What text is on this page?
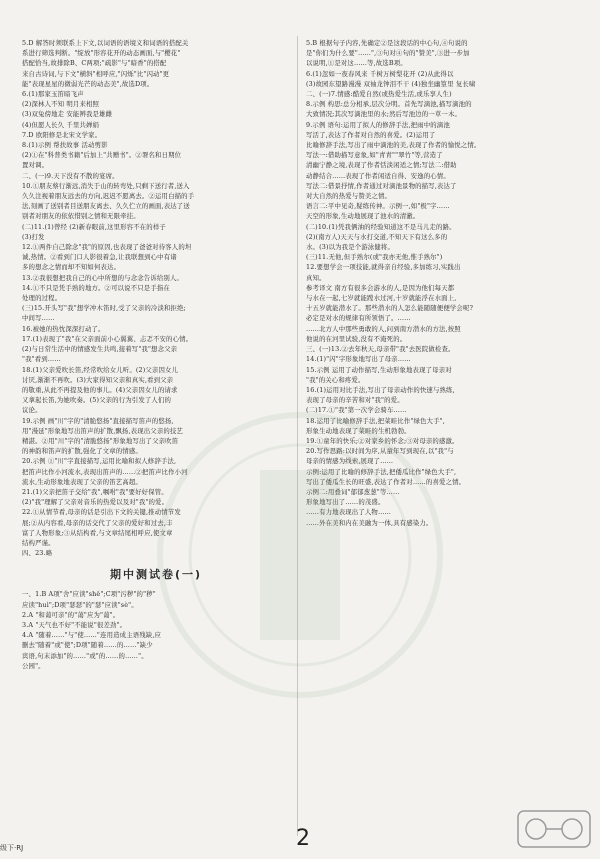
5.D 解答时须联系上下文,以词语的语境义和词语的搭配关
系进行筛选判断。"绽放"形容花开的动态画面,与"樱花"
搭配恰当,故排除B、C两项;"疏影"与"暗香"的搭配
来自古诗词,与下文"横斜"相呼应,"闪烁"比"闪动"更
能"表现星星的微弱光芒的动态美",故选D项。
6.(1)那家玉笛暗飞声
(2)深林人不知 明月来相照
(3)双兔傍地走 安能辨我是雄雌
(4)但愿人长久 千里共婵娟
7.D 欧阳修是北宋文学家。
8.(1)示例 帮扶故事 活动剪影
(2)①在"科普类书籍"后加上"共赠书"。②署名和日期位
置对调。
二、(一)9.天下没有不散的宴席。
10.①朋友蔡行渐远,消失于山的转弯处,只剩下送行者,送入
久久注视着朋友远去的方向,迟迟不愿离去。②运用白描的手
法,刻画了送别者目送朋友离去、久久伫立的画面,表达了送
别者对朋友的依依惜别之情和无限牵挂。
(二)11.(1)曾经 (2)新春眼前,这里形容不在的样子
(3)打发
12.①两件自己除念"我"的原因,也表现了爸爸对待客人的坦
诚,热情。②看到门口人影很着急,让我联想到心中有诸
多的想念之情而却不知如何表达。
13.②我很想把我自己的心中所想的与念念告诉给别人。
14.①不只是凭手熟的地方。②可以说不只是手指在
处理的过程。
(三)15.开头写"我"想学冲木笛时,受了父亲的冷淡和拒绝;
中间写……
16.被她的热忱深深打动了。
17.(1)表现了"我"在父亲面前小心翼翼、忐忑不安的心情。
(2)与日常生活中的情感发生共鸣,接着写"我"想念父亲
"我"看到……
18.(1)父亲爱吹长笛,经常吹给女儿听。(2)父亲因女儿
讨厌,渐渐不再吹。(3)大家得知父亲和真实,看到父亲
的敬重,从此不再提及他的事儿。(4)父亲因女儿的请求
又拿起长笛,为她吹奏。(5)父亲的行为引发了人们的
议论。
19.示例 画"川"字的"清脆悠扬"直接描写笛声的悠扬,
用"漫延"形象地写出笛声的扩散,飘扬,表现出父亲的技艺
精湛。②用"川"字的"清脆悠扬"形象地写出了父亲吹笛
的神韵和笛声的扩散,强化了文章的情感。
20.示例 ①"川"字直接描写,运用比喻和拟人修辞手法,
把笛声比作小河流水,表现出笛声的……②把笛声比作小河
流水,生动形象地表现了父亲的笛艺高超。
21.(1)父亲把笛子交给"我",嘱咐"我"要好好保管。
(2)"我"理解了父亲对音乐的热爱以及对"我"的爱。
22.①从情节看,母亲的话是引出下文的关键,推动情节发
展;②从内容看,母亲的话交代了父亲的爱好和过去,丰
富了人物形象;③从结构看,与文章结尾相呼应,使文章
结构严谨。
四、23.略
期中测试卷(一)
一、1.B A项"舍"应读"shě";C项"污秽"的"秽"
应读"huì";D项"瑟瑟"的"瑟"应读"sè"。
2.A "和蔼可亲"的"蔼"应为"蔼"。
3.A "天气也不好"不能说"很差劲"。
4.A "随着……"与"使……"连用造成主语残缺,应
删去"随着"或"使";D项"随着……的……"缺少
宾语,句末添加"的……"或"的……的……"。
公园"。
5.B 根据句子内容,先确定②是这段话的中心句,④句说的
是"你们为什么要"……",③句对④句的"赞美",③进一步加
以说明,①是对这……等,故选B项。
6.(1)忽如一夜春风来 千树万树梨花开 (2)从此得以
(3)故园东望路漫漫 双袖龙钟泪不干 (4)独坐幽篁里 复长啸
二、(一)7.情感:酷爱自然(或热爱生活,或乐享人生)
8.示例 构思:总分相承,层次分明。首先写滴池,描写滴池的
大致情况;其次写滴池里的水;然后写池边的一草一木。
9.示例 语句:运用了拟人的修辞手法,把雨中的滴池
写活了,表达了作者对自然的喜爱。(2)运用了
比喻修辞手法,写出了雨中滴池的美,表现了作者的愉悦之情。
写法一:借助描写意象,如"青青""翠竹"等,营造了
清幽宁静之境,表现了作者恬淡闲适之情;写法二:借助
动静结合……表现了作者闲适自得、安逸的心情。
写法二:借景抒情,作者通过对滴池景物的描写,表达了
对大自然的热爱与赞美之情。
语言二:平中见奇,疑练传神。示例一,如"极"字……
天空的形象,生动地展现了池水的清澈。
(二)10.(1)凭我俩油的经验知道这不是马儿走的路。
(2)(南方人)天天与水打交道,不知天下有这么多的
水。(3)以为我是个游泳健将。
(三)11.无他,但手熟尔(或"我亦无他,惟手熟尔")
12.要想学会一项技能,就得亲自经验,多加练习,实践出
真知。
参考译文 南方有很多会游水的人,是因为他们每天都
与水在一起,七岁就能蹚水过河,十岁就能浮在水面上,
十五岁就能潜水了。那些潜水的人怎么能随随便便学会呢?
必定是对水的规律有所领悟了。……
……北方人中那些勇敢的人,问到南方潜水的方法,按照
他说的在河里试验,没有不淹死的。
三、(一)13.②去年秋天,母亲带"我"去医院做检查。
14.(1)"闪"字形象地写出了母亲……
15.示例 运用了动作描写,生动形象地表现了母亲对
"我"的关心和疼爱。
16.(1)运用对比手法,写出了母亲动作的快速与熟练,
表现了母亲的辛苦和对"我"的爱。
(二)17.①"我"第一次学会骑车……
18.运用了比喻修辞手法,把菜畦比作"绿色大手",
形象生动地表现了菜畦的生机勃勃。
19.①童年的快乐;②对家乡的怀念;③对母亲的感激。
20.写作思路:以时间为序,从童年写到现在,以"我"与
母亲的情感为线索,展现了……
示例:运用了比喻的修辞手法,把倭瓜比作"绿色大手",
写出了倭瓜生长的旺盛,表达了作者对……的喜爱之情。
示例二:用叠词"郁郁葱葱"等……
形象地写出了……的茂盛。
……有力地表现出了人物……
……外在美和内在美融为一体,具有感染力。
级下·RJ	2
